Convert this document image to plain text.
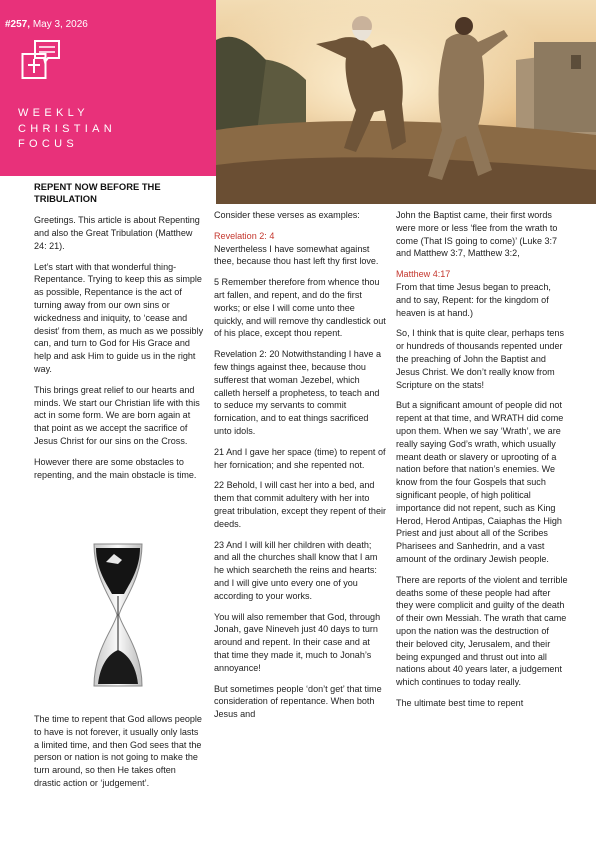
#257, May 3, 2026
WEEKLY
CHRISTIAN
FOCUS
REPENT NOW BEFORE THE TRIBULATION

Greetings. This article is about Repenting and also the Great Tribulation (Matthew 24: 21).

Let’s start with that wonderful thing- Repentance. Trying to keep this as simple as possible, Repentance is the act of turning away from our own sins or wickedness and iniquity, to ‘cease and desist’ from them, as much as we possibly can, and turn to God for His Grace and help and ask Him to guide us in the right way.

This brings great relief to our hearts and minds. We start our Christian life with this act in some form. We are born again at that point as we accept the sacrifice of Jesus Christ for our sins on the Cross.

However there are some obstacles to repenting, and the main obstacle is time.

The time to repent that God allows people to have is not forever, it usually only lasts a limited time, and then God sees that the person or nation is not going to make the turn around, so then He takes often drastic action or ‘judgement’.

Consider these verses as examples:

Revelation 2: 4
Nevertheless I have somewhat against thee, because thou hast left thy first love.

5 Remember therefore from whence thou art fallen, and repent, and do the first works; or else I will come unto thee quickly, and will remove thy candlestick out of his place, except thou repent.

Revelation 2: 20 Notwithstanding I have a few things against thee, because thou sufferest that woman Jezebel, which calleth herself a prophetess, to teach and to seduce my servants to commit fornication, and to eat things sacrificed unto idols.

21 And I gave her space (time) to repent of her fornication; and she repented not.

22 Behold, I will cast her into a bed, and them that commit adultery with her into great tribulation, except they repent of their deeds.

23 And I will kill her children with death; and all the churches shall know that I am he which searcheth the reins and hearts: and I will give unto every one of you according to your works.

You will also remember that God, through Jonah, gave Nineveh just 40 days to turn around and repent. In their case and at that time they made it, much to Jonah’s annoyance!

But sometimes people ‘don’t get’ that time consideration of repentance. When both Jesus and

John the Baptist came, their first words were more or less ‘flee from the wrath to come (That IS going to come)’ (Luke 3:7 and Matthew 3:7, Matthew 3:2,

Matthew 4:17
From that time Jesus began to preach, and to say, Repent: for the kingdom of heaven is at hand.)

So, I think that is quite clear, perhaps tens or hundreds of thousands repented under the preaching of John the Baptist and Jesus Christ. We don’t really know from Scripture on the stats!

But a significant amount of people did not repent at that time, and WRATH did come upon them. When we say ‘Wrath’, we are really saying God’s wrath, which usually meant death or slavery or uprooting of a nation before that nation’s enemies. We know from the four Gospels that such significant people, of high political importance did not repent, such as King Herod, Herod Antipas, Caiaphas the High Priest and just about all of the Scribes Pharisees and Sanhedrin, and a vast amount of the ordinary Jewish people.

There are reports of the violent and terrible deaths some of these people had after they were complicit and guilty of the death of their own Messiah. The wrath that came upon the nation was the destruction of their beloved city, Jerusalem, and their being expunged and thrust out into all nations about 40 years later, a judgement which continues to today really.

The ultimate best time to repent
